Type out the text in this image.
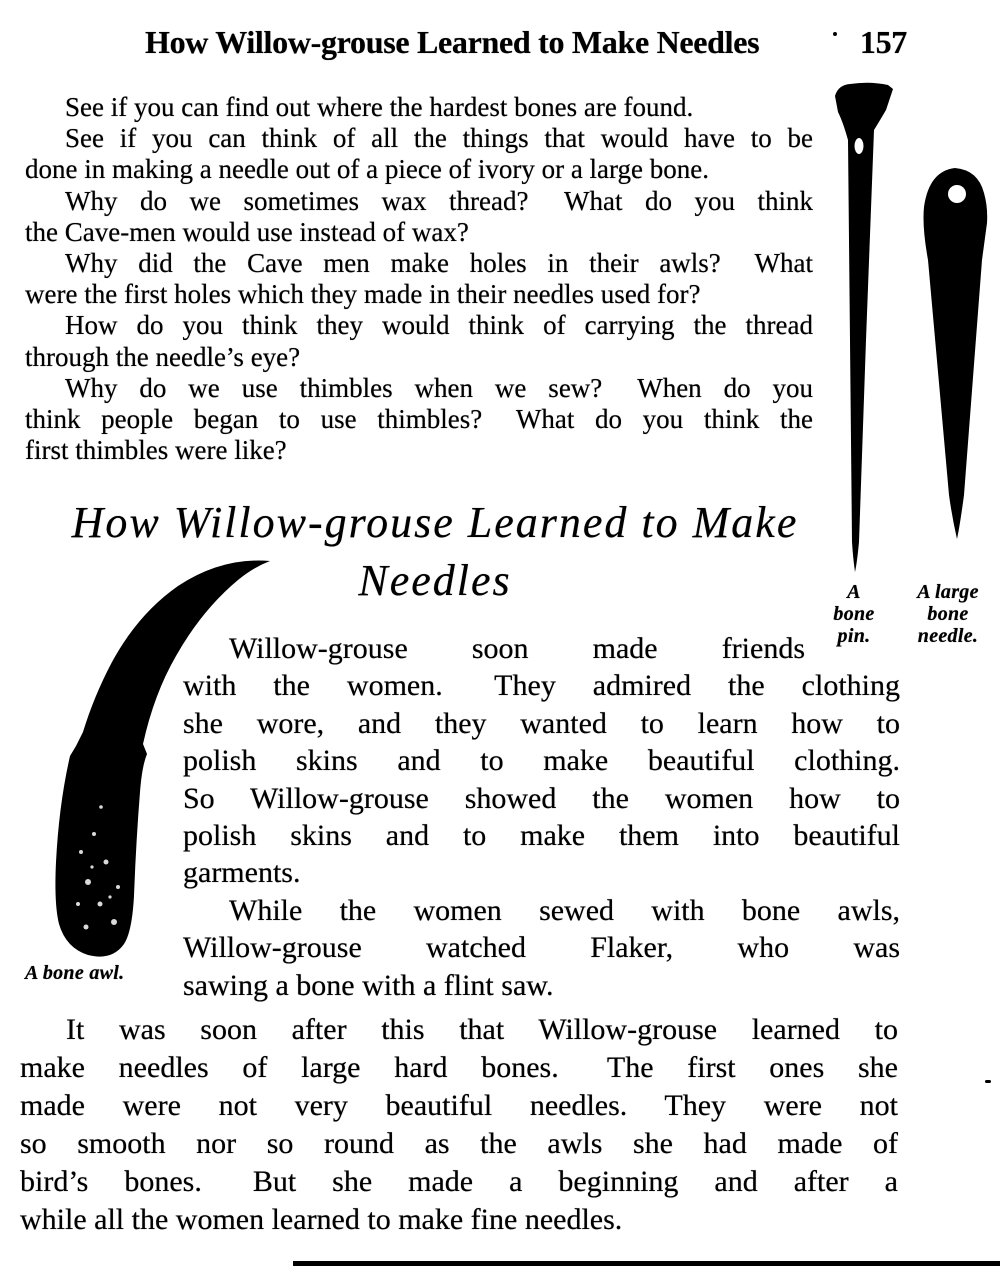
How Willow-grouse Learned to Make Needles	157
See if you can find out where the hardest bones are found.
See if you can think of all the things that would have to be
done in making a needle out of a piece of ivory or a large bone.
Why do we sometimes wax thread?  What do you think
the Cave-men would use instead of wax?
Why did the Cave men make holes in their awls?  What
were the first holes which they made in their needles used for?
How do you think they would think of carrying the thread
through the needle’s eye?
Why do we use thimbles when we sew?  When do you
think people began to use thimbles?  What do you think the
first thimbles were like?
How Willow-grouse Learned to Make
Needles	A
bone
pin.
A large
bone
needle.
A bone awl.
Willow-grouse soon made friends
with the women.  They admired the clothing
she wore, and they wanted to learn how to
polish skins and to make beautiful clothing.
So Willow-grouse showed the women how to
polish skins and to make them into beautiful
garments.
While the women sewed with bone awls,
Willow-grouse watched Flaker, who was
sawing a bone with a flint saw.
It was soon after this that Willow-grouse learned to
make needles of large hard bones.  The first ones she
made were not very beautiful needles. They were not
so smooth nor so round as the awls she had made of
bird’s bones.  But she made a beginning and after a
while all the women learned to make fine needles.
